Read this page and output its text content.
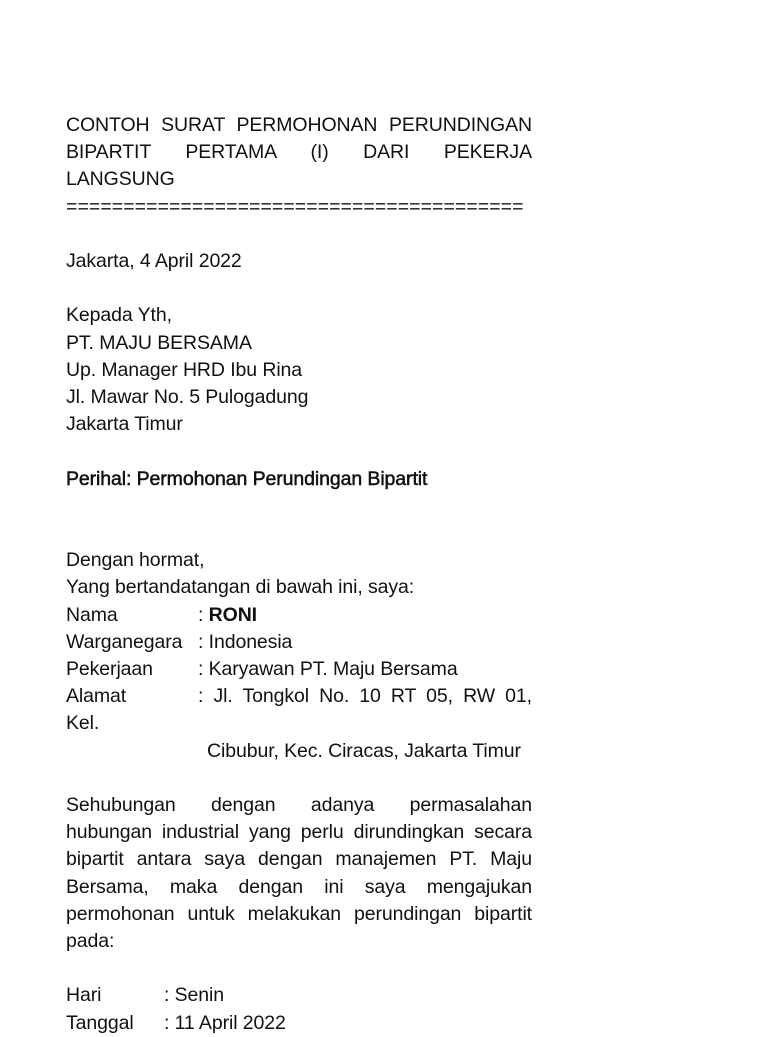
CONTOH SURAT PERMOHONAN PERUNDINGAN
BIPARTIT PERTAMA (I) DARI PEKERJA
LANGSUNG
========================================
Jakarta, 4 April 2022
Kepada Yth,
PT. MAJU BERSAMA
Up. Manager HRD Ibu Rina
Jl. Mawar No. 5 Pulogadung
Jakarta Timur
Perihal: Permohonan Perundingan Bipartit
Dengan hormat,
Yang bertandatangan di bawah ini, saya:
Nama	: RONI
Warganegara : Indonesia
Pekerjaan	: Karyawan PT. Maju Bersama
Alamat	: Jl. Tongkol No. 10 RT 05, RW 01,
Kel.
Cibubur, Kec. Ciracas, Jakarta Timur
Sehubungan dengan adanya permasalahan
hubungan industrial yang perlu dirundingkan secara
bipartit antara saya dengan manajemen PT. Maju
Bersama, maka dengan ini saya mengajukan
permohonan untuk melakukan perundingan bipartit
pada:
Hari	: Senin
Tanggal	: 11 April 2022
